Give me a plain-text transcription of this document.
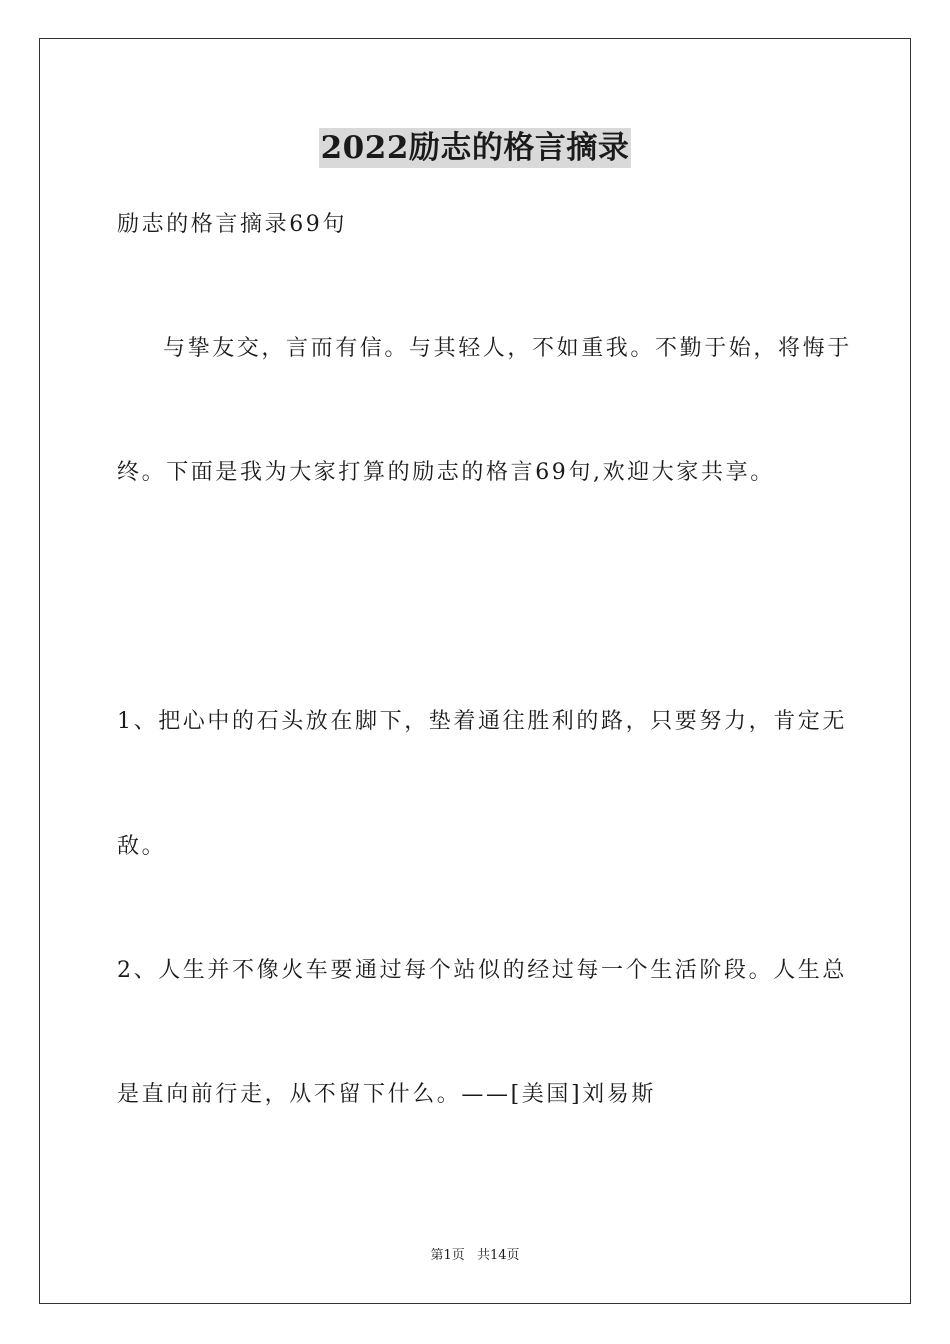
2022励志的格言摘录
励志的格言摘录69句
与挚友交，言而有信。与其轻人，不如重我。不勤于始，将悔于
终。下面是我为大家打算的励志的格言69句,欢迎大家共享。
1、把心中的石头放在脚下，垫着通往胜利的路，只要努力，肯定无
敌。
2、人生并不像火车要通过每个站似的经过每一个生活阶段。人生总
是直向前行走，从不留下什么。——[美国]刘易斯
第1页 共14页
